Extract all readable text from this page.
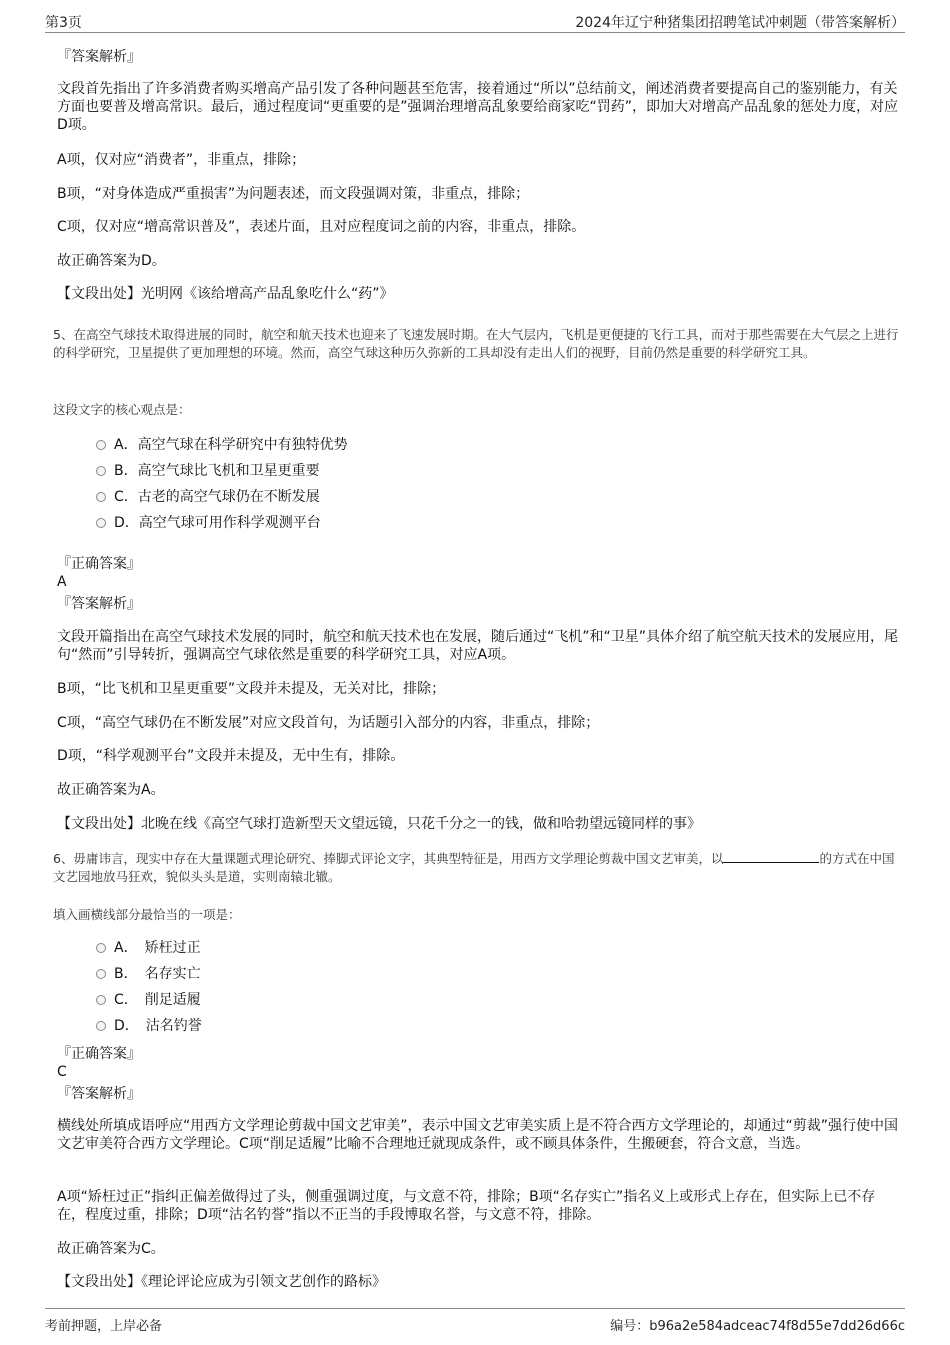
第3页	2024年辽宁种猪集团招聘笔试冲刺题（带答案解析）
『答案解析』
文段首先指出了许多消费者购买增高产品引发了各种问题甚至危害，接着通过“所以”总结前文，阐述消费者要提高自己的鉴别能力，有关方面也要普及增高常识。最后，通过程度词“更重要的是”强调治理增高乱象要给商家吃“罚药”，即加大对增高产品乱象的惩处力度，对应D项。
A项，仅对应“消费者”，非重点，排除；
B项，“对身体造成严重损害”为问题表述，而文段强调对策，非重点，排除；
C项，仅对应“增高常识普及”，表述片面，且对应程度词之前的内容，非重点，排除。
故正确答案为D。
【文段出处】光明网《该给增高产品乱象吃什么“药”》
5、在高空气球技术取得进展的同时，航空和航天技术也迎来了飞速发展时期。在大气层内，飞机是更便捷的飞行工具，而对于那些需要在大气层之上进行的科学研究，卫星提供了更加理想的环境。然而，高空气球这种历久弥新的工具却没有走出人们的视野，目前仍然是重要的科学研究工具。
这段文字的核心观点是：
A．高空气球在科学研究中有独特优势
B．高空气球比飞机和卫星更重要
C．古老的高空气球仍在不断发展
D．高空气球可用作科学观测平台
『正确答案』
A
『答案解析』
文段开篇指出在高空气球技术发展的同时，航空和航天技术也在发展，随后通过“飞机”和“卫星”具体介绍了航空航天技术的发展应用，尾句“然而”引导转折，强调高空气球依然是重要的科学研究工具，对应A项。
B项，“比飞机和卫星更重要”文段并未提及，无关对比，排除；
C项，“高空气球仍在不断发展”对应文段首句，为话题引入部分的内容，非重点，排除；
D项，“科学观测平台”文段并未提及，无中生有，排除。
故正确答案为A。
【文段出处】北晚在线《高空气球打造新型天文望远镜，只花千分之一的钱，做和哈勃望远镜同样的事》
6、毋庸讳言，现实中存在大量课题式理论研究、捧脚式评论文字，其典型特征是，用西方文学理论剪裁中国文艺审美，以	的方式在中国文艺园地放马狂欢，貌似头头是道，实则南辕北辙。
填入画横线部分最恰当的一项是：
A．　矫枉过正
B．　名存实亡
C．　削足适履
D．　沽名钓誉
『正确答案』
C
『答案解析』
横线处所填成语呼应“用西方文学理论剪裁中国文艺审美”，表示中国文艺审美实质上是不符合西方文学理论的，却通过“剪裁”强行使中国文艺审美符合西方文学理论。C项“削足适履”比喻不合理地迁就现成条件，或不顾具体条件，生搬硬套，符合文意，当选。
A项“矫枉过正”指纠正偏差做得过了头，侧重强调过度，与文意不符，排除；B项“名存实亡”指名义上或形式上存在，但实际上已不存在，程度过重，排除；D项“沽名钓誉”指以不正当的手段博取名誉，与文意不符，排除。
故正确答案为C。
【文段出处】《理论评论应成为引领文艺创作的路标》
考前押题，上岸必备	编号：b96a2e584adceac74f8d55e7dd26d66c
